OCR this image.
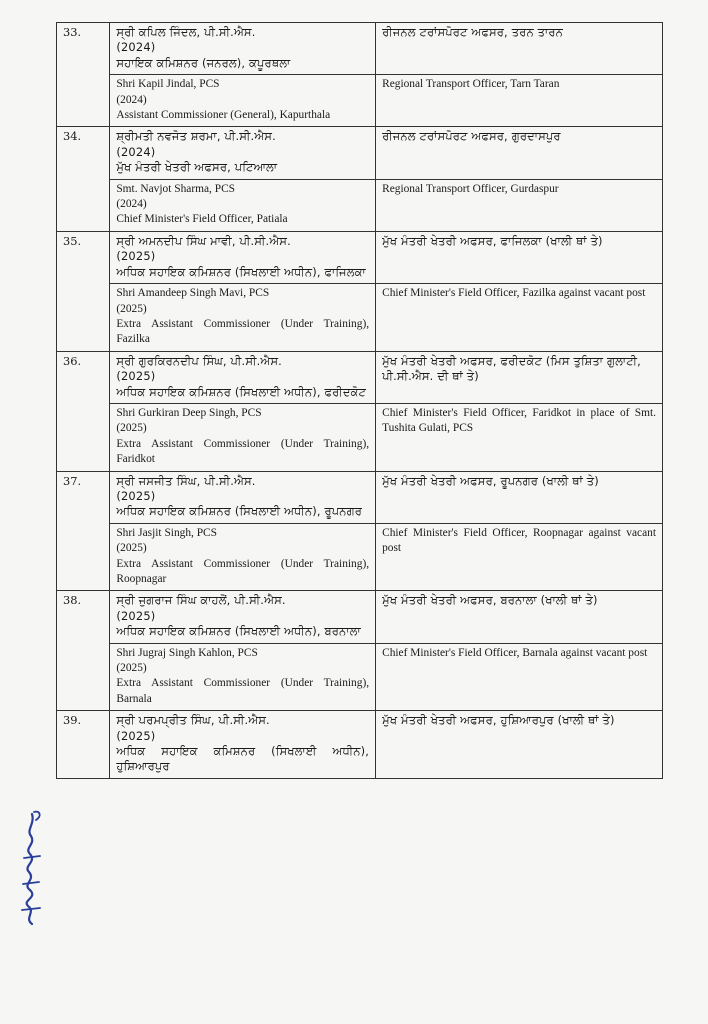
33.	ਸ੍ਰੀ ਕਪਿਲ ਜਿੰਦਲ, ਪੀ.ਸੀ.ਐਸ.
(2024)
ਸਹਾਇਕ ਕਮਿਸ਼ਨਰ (ਜਨਰਲ), ਕਪੂਰਥਲਾ	ਰੀਜਨਲ ਟਰਾਂਸਪੋਰਟ ਅਫਸਰ, ਤਰਨ ਤਾਰਨ

	Shri Kapil Jindal, PCS
(2024)
Assistant Commissioner (General), Kapurthala	Regional Transport Officer, Tarn Taran
34.	ਸ਼੍ਰੀਮਤੀ ਨਵਜੋਤ ਸ਼ਰਮਾ, ਪੀ.ਸੀ.ਐਸ.
(2024)
ਮੁੱਖ ਮੰਤਰੀ ਖੇਤਰੀ ਅਫਸਰ, ਪਟਿਆਲਾ	ਰੀਜਨਲ ਟਰਾਂਸਪੋਰਟ ਅਫਸਰ, ਗੁਰਦਾਸਪੁਰ

	Smt. Navjot Sharma, PCS
(2024)
Chief Minister's Field Officer, Patiala	Regional Transport Officer, Gurdaspur
35.	ਸ੍ਰੀ ਅਮਨਦੀਪ ਸਿੰਘ ਮਾਵੀ, ਪੀ.ਸੀ.ਐਸ.
(2025)
ਅਧਿਕ ਸਹਾਇਕ ਕਮਿਸ਼ਨਰ (ਸਿਖਲਾਈ ਅਧੀਨ), ਫਾਜਿਲਕਾ	ਮੁੱਖ ਮੰਤਰੀ ਖੇਤਰੀ ਅਫਸਰ, ਫਾਜਿਲਕਾ (ਖਾਲੀ ਥਾਂ ਤੇ)

	Shri Amandeep Singh Mavi, PCS
(2025)
Extra Assistant Commissioner (Under Training), Fazilka	Chief Minister's Field Officer, Fazilka against vacant post
36.	ਸ੍ਰੀ ਗੁਰਕਿਰਨਦੀਪ ਸਿੰਘ, ਪੀ.ਸੀ.ਐਸ.
(2025)
ਅਧਿਕ ਸਹਾਇਕ ਕਮਿਸ਼ਨਰ (ਸਿਖਲਾਈ ਅਧੀਨ), ਫਰੀਦਕੋਟ	ਮੁੱਖ ਮੰਤਰੀ ਖੇਤਰੀ ਅਫਸਰ, ਫਰੀਦਕੋਟ (ਮਿਸ ਤੁਸ਼ਿਤਾ ਗੁਲਾਟੀ, ਪੀ.ਸੀ.ਐਸ. ਦੀ ਥਾਂ ਤੇ)

	Shri Gurkiran Deep Singh, PCS
(2025)
Extra Assistant Commissioner (Under Training), Faridkot	Chief Minister's Field Officer, Faridkot in place of Smt. Tushita Gulati, PCS
37.	ਸ੍ਰੀ ਜਸਜੀਤ ਸਿੰਘ, ਪੀ.ਸੀ.ਐਸ.
(2025)
ਅਧਿਕ ਸਹਾਇਕ ਕਮਿਸ਼ਨਰ (ਸਿਖਲਾਈ ਅਧੀਨ), ਰੂਪਨਗਰ	ਮੁੱਖ ਮੰਤਰੀ ਖੇਤਰੀ ਅਫਸਰ, ਰੂਪਨਗਰ (ਖਾਲੀ ਥਾਂ ਤੇ)

	Shri Jasjit Singh, PCS
(2025)
Extra Assistant Commissioner (Under Training), Roopnagar	Chief Minister's Field Officer, Roopnagar against vacant post
38.	ਸ੍ਰੀ ਜੁਗਰਾਜ ਸਿੰਘ ਕਾਹਲੋਂ, ਪੀ.ਸੀ.ਐਸ.
(2025)
ਅਧਿਕ ਸਹਾਇਕ ਕਮਿਸ਼ਨਰ (ਸਿਖਲਾਈ ਅਧੀਨ), ਬਰਨਾਲਾ	ਮੁੱਖ ਮੰਤਰੀ ਖੇਤਰੀ ਅਫਸਰ, ਬਰਨਾਲਾ (ਖਾਲੀ ਥਾਂ ਤੇ)

	Shri Jugraj Singh Kahlon, PCS
(2025)
Extra Assistant Commissioner (Under Training), Barnala	Chief Minister's Field Officer, Barnala against vacant post
39.	ਸ੍ਰੀ ਪਰਮਪ੍ਰੀਤ ਸਿੰਘ, ਪੀ.ਸੀ.ਐਸ.
(2025)
ਅਧਿਕ ਸਹਾਇਕ ਕਮਿਸ਼ਨਰ (ਸਿਖਲਾਈ ਅਧੀਨ), ਹੁਸ਼ਿਆਰਪੁਰ	ਮੁੱਖ ਮੰਤਰੀ ਖੇਤਰੀ ਅਫਸਰ, ਹੁਸ਼ਿਆਰਪੁਰ (ਖਾਲੀ ਥਾਂ ਤੇ)
